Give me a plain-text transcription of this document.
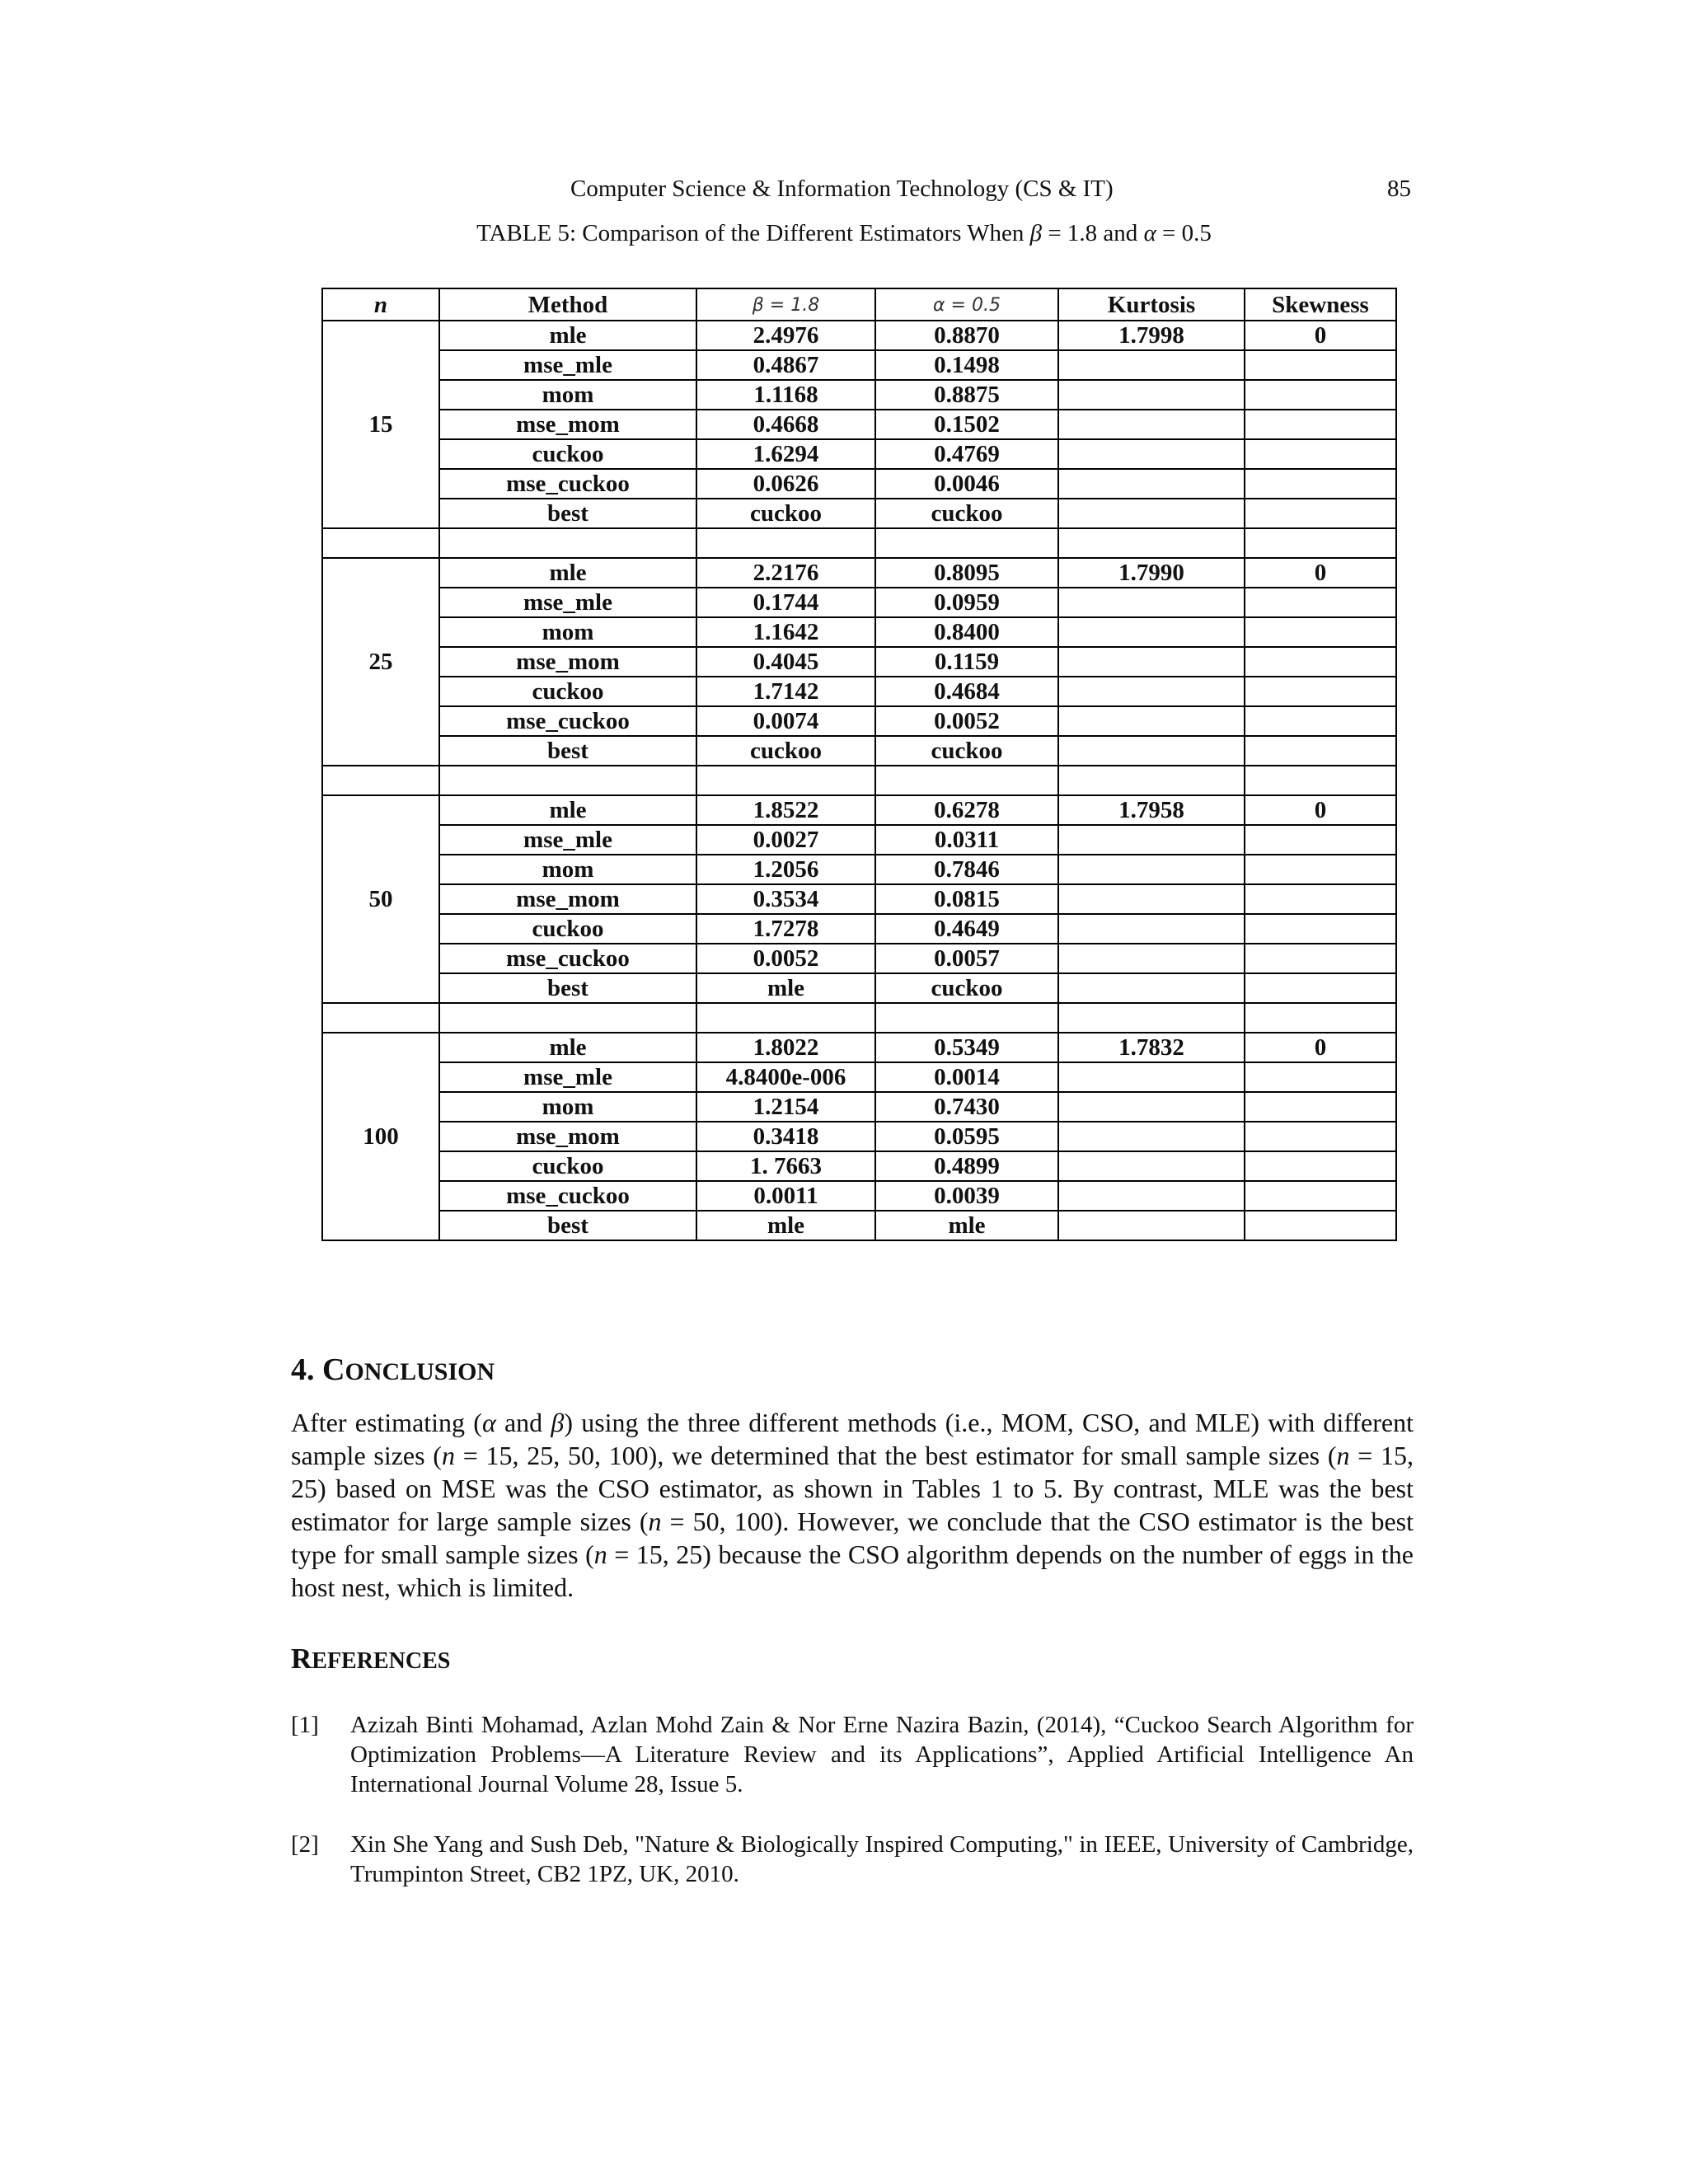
Computer Science & Information Technology (CS & IT)	85
TABLE 5: Comparison of the Different Estimators When β = 1.8 and α = 0.5
n	Method	β = 1.8	α = 0.5	Kurtosis	Skewness
15	mle	2.4976	0.8870	1.7998	0
	mse_mle	0.4867	0.1498		
	mom	1.1168	0.8875		
	mse_mom	0.4668	0.1502		
	cuckoo	1.6294	0.4769		
	mse_cuckoo	0.0626	0.0046		
	best	cuckoo	cuckoo		

25	mle	2.2176	0.8095	1.7990	0
	mse_mle	0.1744	0.0959		
	mom	1.1642	0.8400		
	mse_mom	0.4045	0.1159		
	cuckoo	1.7142	0.4684		
	mse_cuckoo	0.0074	0.0052		
	best	cuckoo	cuckoo		

50	mle	1.8522	0.6278	1.7958	0
	mse_mle	0.0027	0.0311		
	mom	1.2056	0.7846		
	mse_mom	0.3534	0.0815		
	cuckoo	1.7278	0.4649		
	mse_cuckoo	0.0052	0.0057		
	best	mle	cuckoo		

100	mle	1.8022	0.5349	1.7832	0
	mse_mle	4.8400e-006	0.0014		
	mom	1.2154	0.7430		
	mse_mom	0.3418	0.0595		
	cuckoo	1. 7663	0.4899		
	mse_cuckoo	0.0011	0.0039		
	best	mle	mle		
4. CONCLUSION
After estimating (α and β) using the three different methods (i.e., MOM, CSO, and MLE) with different sample sizes (n = 15, 25, 50, 100), we determined that the best estimator for small sample sizes (n = 15, 25) based on MSE was the CSO estimator, as shown in Tables 1 to 5. By contrast, MLE was the best estimator for large sample sizes (n = 50, 100). However, we conclude that the CSO estimator is the best type for small sample sizes (n = 15, 25) because the CSO algorithm depends on the number of eggs in the host nest, which is limited.
REFERENCES
[1] Azizah Binti Mohamad, Azlan Mohd Zain & Nor Erne Nazira Bazin, (2014), “Cuckoo Search Algorithm for Optimization Problems—A Literature Review and its Applications”, Applied Artificial Intelligence An International Journal Volume 28, Issue 5.
[2] Xin She Yang and Sush Deb, "Nature & Biologically Inspired Computing," in IEEE, University of Cambridge, Trumpinton Street, CB2 1PZ, UK, 2010.
